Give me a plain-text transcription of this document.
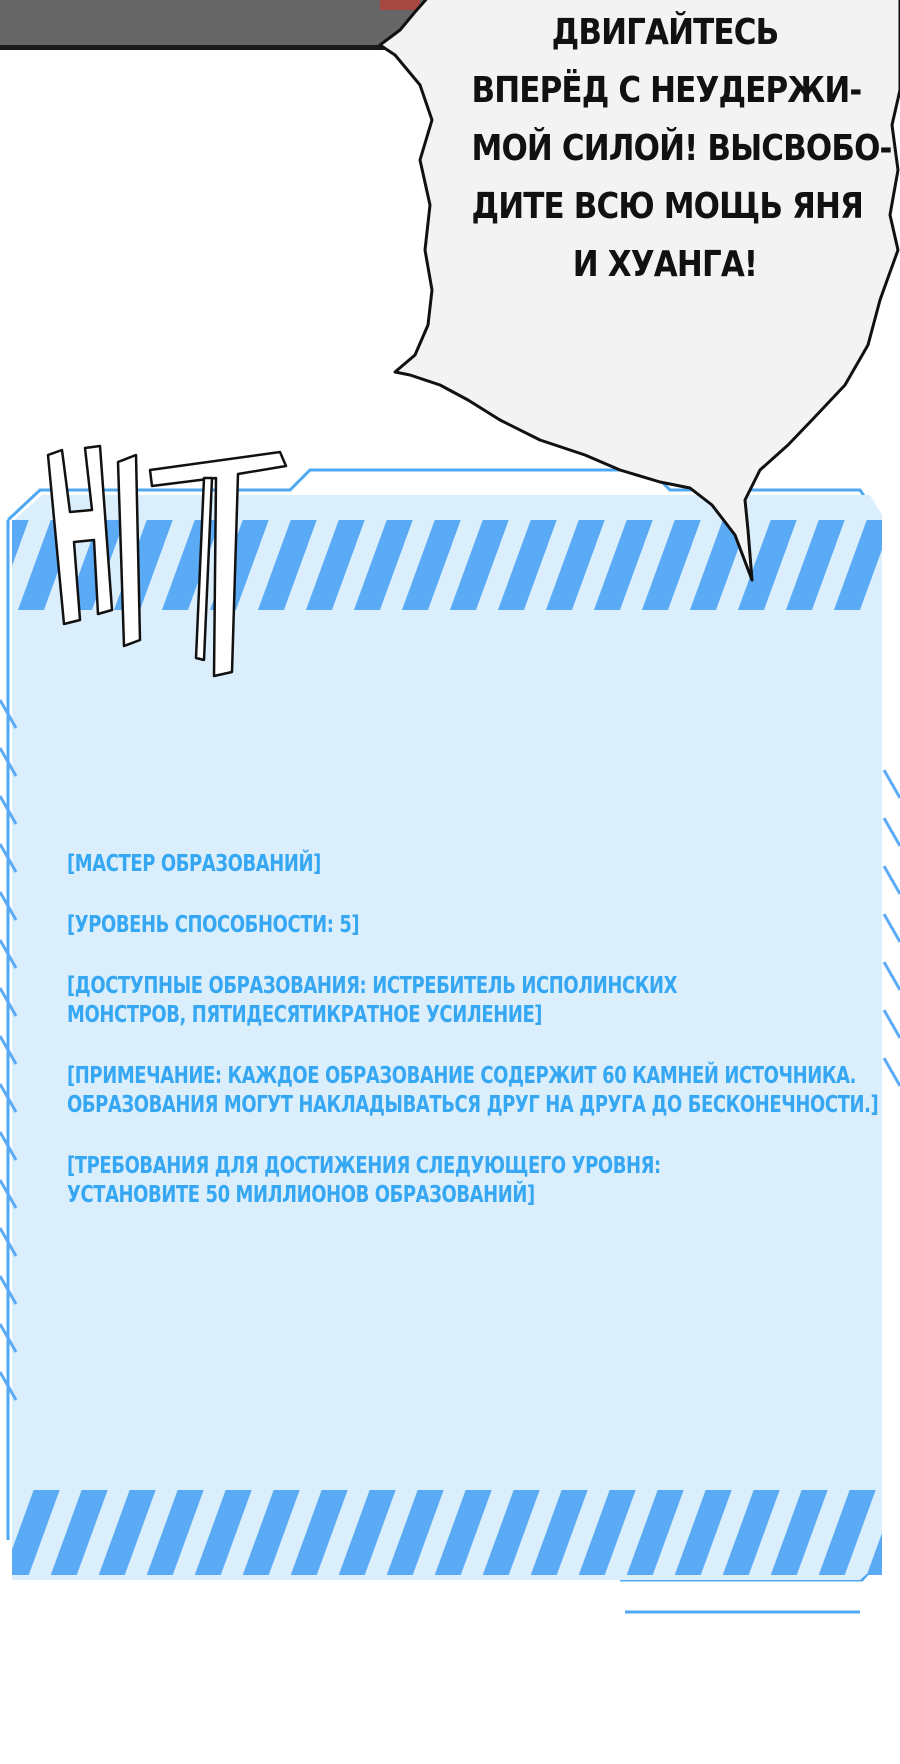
ДВИГАЙТЕСЬ
ВПЕРЁД С НЕУДЕРЖИ-
МОЙ СИЛОЙ! ВЫСВОБО-
ДИТЕ ВСЮ МОЩЬ ЯНЯ
И ХУАНГА!
[МАСТЕР ОБРАЗОВАНИЙ]
[УРОВЕНЬ СПОСОБНОСТИ: 5]
[ДОСТУПНЫЕ ОБРАЗОВАНИЯ: ИСТРЕБИТЕЛЬ ИСПОЛИНСКИХ
МОНСТРОВ, ПЯТИДЕСЯТИКРАТНОЕ УСИЛЕНИЕ]
[ПРИМЕЧАНИЕ: КАЖДОЕ ОБРАЗОВАНИЕ СОДЕРЖИТ 60 КАМНЕЙ ИСТОЧНИКА.
ОБРАЗОВАНИЯ МОГУТ НАКЛАДЫВАТЬСЯ ДРУГ НА ДРУГА ДО БЕСКОНЕЧНОСТИ.]
[ТРЕБОВАНИЯ ДЛЯ ДОСТИЖЕНИЯ СЛЕДУЮЩЕГО УРОВНЯ:
УСТАНОВИТЕ 50 МИЛЛИОНОВ ОБРАЗОВАНИЙ]
